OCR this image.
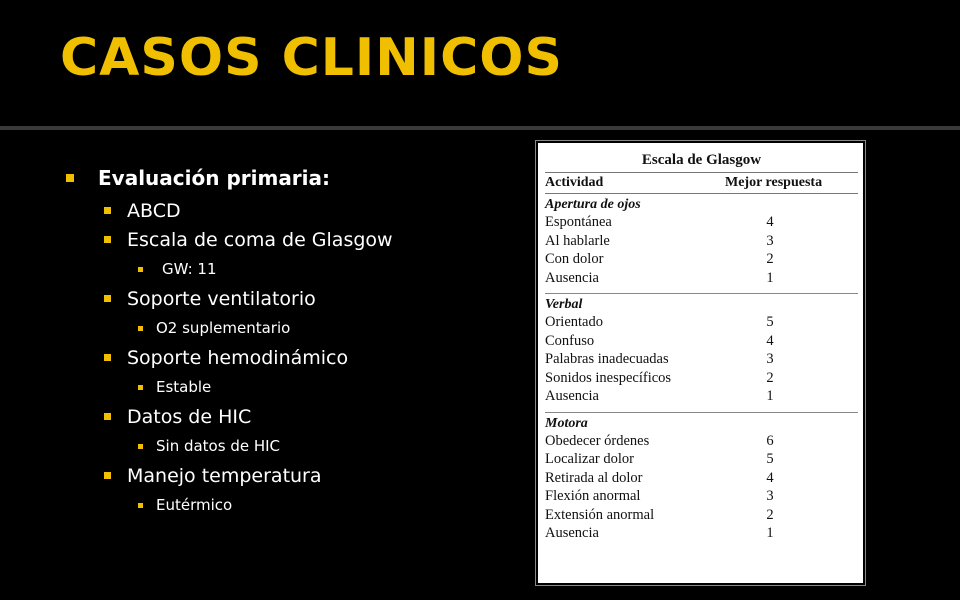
CASOS CLINICOS
Evaluación primaria:
ABCD
Escala de coma de Glasgow
GW: 11
Soporte ventilatorio
O2 suplementario
Soporte hemodinámico
Estable
Datos de HIC
Sin datos de HIC
Manejo temperatura
Eutérmico
Escala de Glasgow
Actividad	Mejor respuesta
Apertura de ojos
Espontánea	4
Al hablarle	3
Con dolor	2
Ausencia	1
Verbal
Orientado	5
Confuso	4
Palabras inadecuadas	3
Sonidos inespecíficos	2
Ausencia	1
Motora
Obedecer órdenes	6
Localizar dolor	5
Retirada al dolor	4
Flexión anormal	3
Extensión anormal	2
Ausencia	1
